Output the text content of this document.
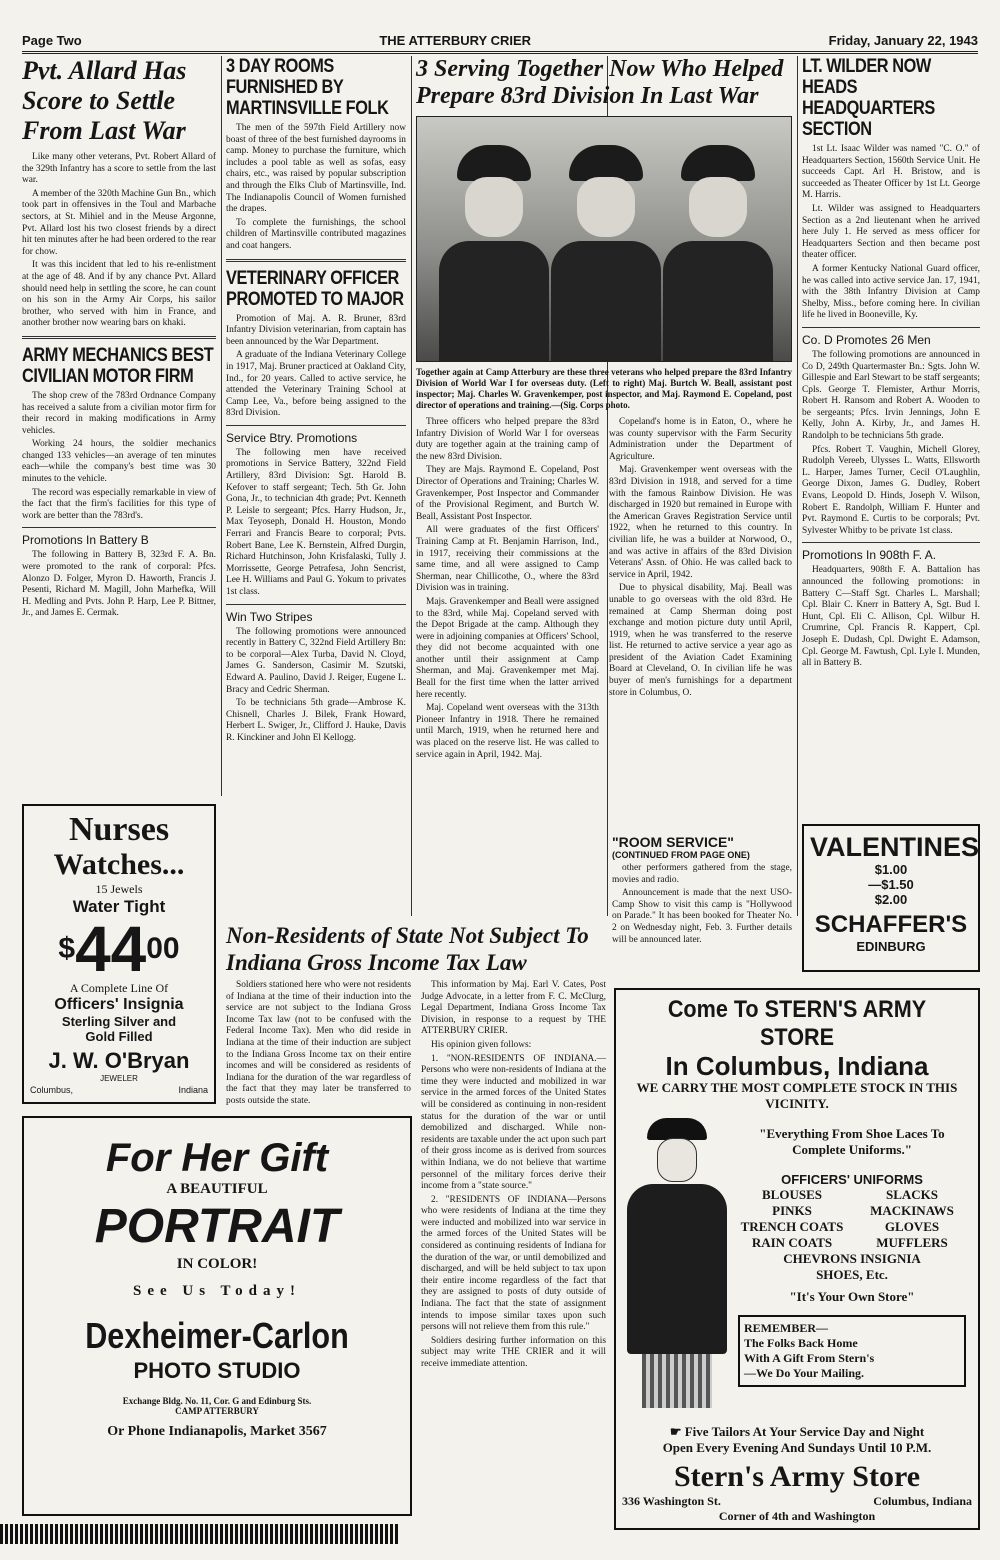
Page Two	THE ATTERBURY CRIER	Friday, January 22, 1943
Pvt. Allard Has Score to Settle From Last War

Like many other veterans, Pvt. Robert Allard of the 329th Infantry has a score to settle from the last war.

A member of the 320th Machine Gun Bn., which took part in offensives in the Toul and Marbache sectors, at St. Mihiel and in the Meuse Argonne, Pvt. Allard lost his two closest friends by a direct hit ten minutes after he had been ordered to the rear for chow.

It was this incident that led to his re-enlistment at the age of 48. And if by any chance Pvt. Allard should need help in settling the score, he can count on his son in the Army Air Corps, his sailor brother, who served with him in France, and another brother now wearing bars on khaki.

ARMY MECHANICS BEST CIVILIAN MOTOR FIRM

The shop crew of the 783rd Ordnance Company has received a salute from a civilian motor firm for their record in making modifications in Army vehicles.

Working 24 hours, the soldier mechanics changed 133 vehicles—an average of ten minutes each—while the company's best time was 30 minutes to the vehicle.

The record was especially remarkable in view of the fact that the firm's facilities for this type of work are better than the 783rd's.

Promotions In Battery B

The following in Battery B, 323rd F. A. Bn. were promoted to the rank of corporal: Pfcs. Alonzo D. Folger, Myron D. Haworth, Francis J. Pesenti, Richard M. Magill, John Marhefka, Will H. Medling and Pvts. John P. Harp, Lee P. Bittner, Jr., and James E. Cermak.

3 DAY ROOMS FURNISHED BY MARTINSVILLE FOLK

The men of the 597th Field Artillery now boast of three of the best furnished dayrooms in camp. Money to purchase the furniture, which includes a pool table as well as sofas, easy chairs, etc., was raised by popular subscription and through the Elks Club of Martinsville, Ind. The Indianapolis Council of Women furnished the drapes.

To complete the furnishings, the school children of Martinsville contributed magazines and coat hangers.

VETERINARY OFFICER PROMOTED TO MAJOR

Promotion of Maj. A. R. Bruner, 83rd Infantry Division veterinarian, from captain has been announced by the War Department.

A graduate of the Indiana Veterinary College in 1917, Maj. Bruner practiced at Oakland City, Ind., for 20 years. Called to active service, he attended the Veterinary Training School at Camp Lee, Va., before being assigned to the 83rd Division.

Service Btry. Promotions

The following men have received promotions in Service Battery, 322nd Field Artillery, 83rd Division: Sgt. Harold B. Kefover to staff sergeant; Tech. 5th Gr. John Gona, Jr., to technician 4th grade; Pvt. Kenneth P. Leisle to sergeant; Pfcs. Harry Hudson, Jr., Max Teyoseph, Donald H. Houston, Mondo Ferrari and Francis Beare to corporal; Pvts. Robert Bane, Lee K. Bernstein, Alfred Durgin, Richard Hutchinson, John Krisfalaski, Tully J. Morrissette, George Petrafesa, John Sencrist, Lee H. Williams and Paul G. Yokum to privates 1st class.

Win Two Stripes

The following promotions were announced recently in Battery C, 322nd Field Artillery Bn: to be corporal—Alex Turba, David N. Cloyd, James G. Sanderson, Casimir M. Szutski, Edward A. Paulino, David J. Reiger, Eugene L. Bracy and Cedric Sherman.

To be technicians 5th grade—Ambrose K. Chisnell, Charles J. Bilek, Frank Howard, Herbert L. Swiger, Jr., Clifford J. Hauke, Davis R. Kinckiner and John El Kellogg.

3 Serving Together Now Who Helped Prepare 83rd Division In Last War
Together again at Camp Atterbury are these three veterans who helped prepare the 83rd Infantry Division of World War I for overseas duty. (Left to right) Maj. Burtch W. Beall, assistant post inspector; Maj. Charles W. Gravenkemper, post inspector, and Maj. Raymond E. Copeland, post director of operations and training.—(Sig. Corps photo.

Three officers who helped prepare the 83rd Infantry Division of World War I for overseas duty are together again at the training camp of the new 83rd Division.

They are Majs. Raymond E. Copeland, Post Director of Operations and Training; Charles W. Gravenkemper, Post Inspector and Commander of the Provisional Regiment, and Burtch W. Beall, Assistant Post Inspector.

All were graduates of the first Officers' Training Camp at Ft. Benjamin Harrison, Ind., in 1917, receiving their commissions at the same time, and all were assigned to Camp Sherman, near Chillicothe, O., where the 83rd Division was in training.

Majs. Gravenkemper and Beall were assigned to the 83rd, while Maj. Copeland served with the Depot Brigade at the camp. Although they were in adjoining companies at Officers' School, they did not become acquainted with one another until their assignment at Camp Sherman, and Maj. Gravenkemper met Maj. Beall for the first time when the latter arrived here recently.

Maj. Copeland went overseas with the 313th Pioneer Infantry in 1918. There he remained until March, 1919, when he returned here and was placed on the reserve list. He was called to service again in April, 1942. Maj.

Copeland's home is in Eaton, O., where he was county supervisor with the Farm Security Administration under the Department of Agriculture.

Maj. Gravenkemper went overseas with the 83rd Division in 1918, and served for a time with the famous Rainbow Division. He was discharged in 1920 but remained in Europe with the American Graves Registration Service until 1922, when he returned to this country. In civilian life, he was a builder at Norwood, O., and was active in affairs of the 83rd Division Veterans' Assn. of Ohio. He was called back to service in April, 1942.

Due to physical disability, Maj. Beall was unable to go overseas with the old 83rd. He remained at Camp Sherman doing post exchange and motion picture duty until April, 1919, when he was transferred to the reserve list. He returned to active service a year ago as president of the Aviation Cadet Examining Board at Cleveland, O. In civilian life he was buyer of men's furnishings for a department store in Columbus, O.

LT. WILDER NOW HEADS HEADQUARTERS SECTION

1st Lt. Isaac Wilder was named "C. O." of Headquarters Section, 1560th Service Unit. He succeeds Capt. Arl H. Bristow, and is succeeded as Theater Officer by 1st Lt. George M. Harris.

Lt. Wilder was assigned to Headquarters Section as a 2nd lieutenant when he arrived here July 1. He served as mess officer for Headquarters Section and then became post theater officer.

A former Kentucky National Guard officer, he was called into active service Jan. 17, 1941, with the 38th Infantry Division at Camp Shelby, Miss., before coming here. In civilian life he lived in Booneville, Ky.

Co. D Promotes 26 Men

The following promotions are announced in Co D, 249th Quartermaster Bn.: Sgts. John W. Gillespie and Earl Stewart to be staff sergeants; Cpls. George T. Flemister, Arthur Morris, Robert H. Ransom and Robert A. Wooden to be sergeants; Pfcs. Irvin Jennings, John E Kelly, John A. Kirby, Jr., and James H. Randolph to be technicians 5th grade.

Pfcs. Robert T. Vaughin, Michell Glorey, Rudolph Vereeb, Ulysses L. Watts, Ellsworth L. Harper, James Turner, Cecil O'Laughlin, George Dixon, James G. Dudley, Robert Evans, Leopold D. Hinds, Joseph V. Wilson, Robert E. Randolph, William F. Hunter and Pvt. Raymond E. Curtis to be corporals; Pvt. Sylvester Whitby to be private 1st class.

Promotions In 908th F. A.

Headquarters, 908th F. A. Battalion has announced the following promotions: in Battery C—Staff Sgt. Charles L. Marshall; Cpl. Blair C. Knerr in Battery A, Sgt. Bud I. Hunt, Cpl. Eli C. Allison, Cpl. Wilbur H. Crumrine, Cpl. Francis R. Kappert, Cpl. Joseph E. Dudash, Cpl. Dwight E. Adamson, Cpl. George M. Fawtush, Cpl. Lyle I. Munden, all in Battery B.

Nurses
Watches...
15 Jewels
Water Tight
$^{\$}44^{00}$
A Complete Line Of
Officers' Insignia
Sterling Silver and
Gold Filled
J. W. O'Bryan
JEWELER
Columbus,	Indiana
"ROOM SERVICE"
(CONTINUED FROM PAGE ONE)

other performers gathered from the stage, movies and radio.

Announcement is made that the next USO-Camp Show to visit this camp is "Hollywood on Parade." It has been booked for Theater No. 2 on Wednesday night, Feb. 3. Further details will be announced later.

VALENTINES
$1.00
—$1.50
$2.00
SCHAFFER'S
EDINBURG
Non-Residents of State Not Subject To Indiana Gross Income Tax Law

Soldiers stationed here who were not residents of Indiana at the time of their induction into the service are not subject to the Indiana Gross Income Tax law (not to be confused with the Federal Income Tax). Men who did reside in Indiana at the time of their induction are subject to the Indiana Gross Income tax on their entire incomes and will be considered as residents of Indiana for the duration of the war regardless of the fact that they may later be transferred to posts outside the state.

This information by Maj. Earl V. Cates, Post Judge Advocate, in a letter from F. C. McClurg, Legal Department, Indiana Gross Income Tax Division, in response to a request by THE ATTERBURY CRIER.

His opinion given follows:

1. "NON-RESIDENTS OF INDIANA.—Persons who were non-residents of Indiana at the time they were inducted and mobilized in war service in the armed forces of the United States will be considered as continuing in non-resident status for the duration of the war or until demobilized and discharged. While non-residents are taxable under the act upon such part of their gross income as is derived from sources within Indiana, we do not believe that wartime personnel of the military forces derive their income from a "state source."

2. "RESIDENTS OF INDIANA—Persons who were residents of Indiana at the time they were inducted and mobilized into war service in the armed forces of the United States will be considered as continuing residents of Indiana for the duration of the war, or until demobilized and discharged, and will be held subject to tax upon their entire income regardless of the fact that they are assigned to posts of duty outside of Indiana. The fact that the state of assignment intends to impose similar taxes upon such persons will not relieve them from this rule."

Soldiers desiring further information on this subject may write THE CRIER and it will receive immediate attention.

For Her Gift
A BEAUTIFUL
PORTRAIT
IN COLOR!
See Us Today!
Dexheimer-Carlon
PHOTO STUDIO
Exchange Bldg. No. 11, Cor. G and Edinburg Sts.
CAMP ATTERBURY
Or Phone Indianapolis, Market 3567
Come To STERN'S ARMY STORE
In Columbus, Indiana
WE CARRY THE MOST COMPLETE STOCK IN THIS VICINITY.
"Everything From Shoe Laces To Complete Uniforms."
OFFICERS' UNIFORMS
BLOUSES	SLACKS
PINKS	MACKINAWS
TRENCH COATS	GLOVES
RAIN COATS	MUFFLERS
CHEVRONS INSIGNIA
SHOES, Etc.
"It's Your Own Store"
REMEMBER—
The Folks Back Home
With A Gift From Stern's
—We Do Your Mailing.
☛ Five Tailors At Your Service Day and Night
Open Every Evening And Sundays Until 10 P.M.
Stern's Army Store
336 Washington St.	Columbus, Indiana
Corner of 4th and Washington
